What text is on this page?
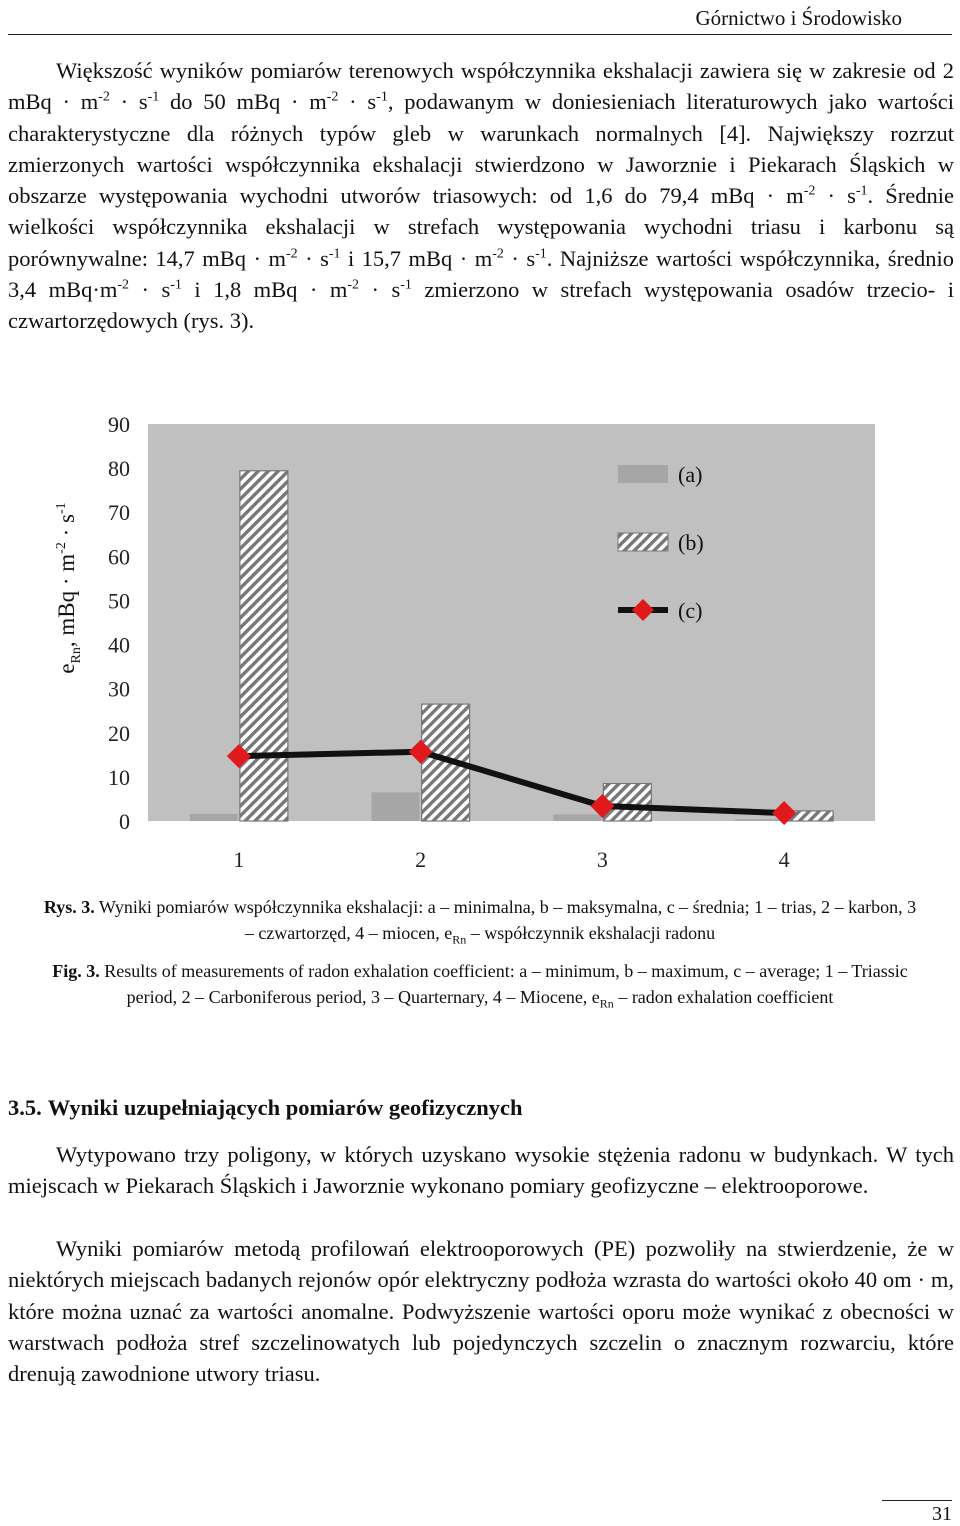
Górnictwo i Środowisko

Większość wyników pomiarów terenowych współczynnika ekshalacji zawiera się w zakresie od 2 mBq · $m^{-2} \cdot s^{-1}$ do 50 mBq · $m^{-2} \cdot s^{-1}$, podawanym w doniesieniach literaturowych jako wartości charakterystyczne dla różnych typów gleb w warunkach normalnych [4]. Największy rozrzut zmierzonych wartości współczynnika ekshalacji stwierdzono w Jaworznie i Piekarach Śląskich w obszarze występowania wychodni utworów triasowych: od 1,6 do 79,4 mBq · $m^{-2} \cdot s^{-1}$. Średnie wielkości współczynnika ekshalacji w strefach występowania wychodni triasu i karbonu są porównywalne: 14,7 mBq · $m^{-2} \cdot s^{-1}$ i 15,7 mBq · $m^{-2} \cdot s^{-1}$. Najniższe wartości współczynnika, średnio 3,4 $mBq\cdot m^{-2} \cdot s^{-1}$ i 1,8 mBq · $m^{-2} \cdot s^{-1}$ zmierzono w strefach występowania osadów trzecio- i czwartorzędowych (rys. 3).

0
10
20
30
40
50
60
70
80
90
1	2	3	4
(a)
(b)
(c)
$e_{Rn}$, mBq · $m^{-2} \cdot s^{-1}$

Rys. 3. Wyniki pomiarów współczynnika ekshalacji: a – minimalna, b – maksymalna, c – średnia; 1 – trias, 2 – karbon, 3 – czwartorzęd, 4 – miocen, $e_{Rn}$ – współczynnik ekshalacji radonu

Fig. 3. Results of measurements of radon exhalation coefficient: a – minimum, b – maximum, c – average; 1 – Triassic period, 2 – Carboniferous period, 3 – Quarternary, 4 – Miocene, $e_{Rn}$ – radon exhalation coefficient

3.5. Wyniki uzupełniających pomiarów geofizycznych

Wytypowano trzy poligony, w których uzyskano wysokie stężenia radonu w budynkach. W tych miejscach w Piekarach Śląskich i Jaworznie wykonano pomiary geofizyczne – elektrooporowe.

Wyniki pomiarów metodą profilowań elektrooporowych (PE) pozwoliły na stwierdzenie, że w niektórych miejscach badanych rejonów opór elektryczny podłoża wzrasta do wartości około 40 om · m, które można uznać za wartości anomalne. Podwyższenie wartości oporu może wynikać z obecności w warstwach podłoża stref szczelinowatych lub pojedynczych szczelin o znacznym rozwarciu, które drenują zawodnione utwory triasu.

31
